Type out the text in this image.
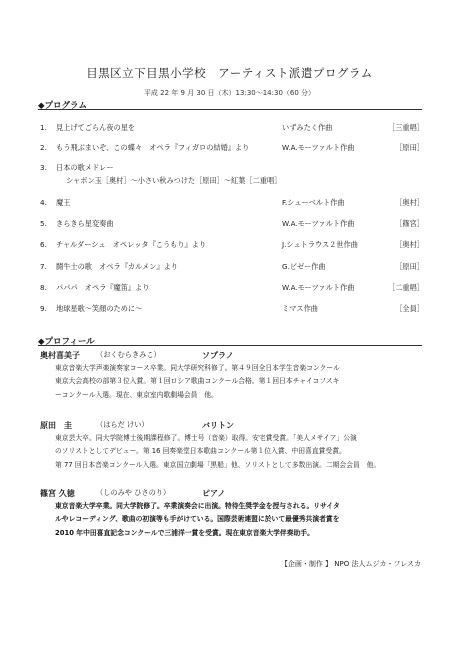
目黒区立下目黒小学校　アーティスト派遣プログラム
平成 22 年 9 月 30 日（木）13:30～14:30（60 分）
◆プログラム
1. 見上げてごらん夜の星を	いずみたく作曲	［三重唱］
2. もう飛ぶまいぞ、この蝶々　オペラ『フィガロの結婚』より	W.A.モーツァルト作曲	［原田］
3. 日本の歌メドレー
シャボン玉［奥村］～小さい秋みつけた［原田］～紅葉［二重唱］
4. 魔王	F.シューベルト作曲	［奥村］
5. きらきら星変奏曲	W.A.モーツァルト作曲	［篠宮］
6. チャルダーシュ　オペレッタ『こうもり』より	J.シュトラウス２世作曲	［奥村］
7. 闘牛士の歌　オペラ『カルメン』より	G.ビゼー作曲	［原田］
8. パパパ　オペラ『魔笛』より	W.A.モーツァルト作曲	［二重唱］
9. 地球星歌～笑顔のために～	ミマス作曲	［全員］
◆プロフィール
奥村喜美子 （おくむらきみこ）	ソプラノ
東京音楽大学声楽演奏家コース卒業。同大学研究科修了。第４９回全日本学生音楽コンクール
東京大会高校の部第３位入賞。第１回ロシア歌曲コンクール合格。第１回日本チャイコフスキ
ーコンクール入選。現在、東京室内歌劇場会員　他。
原田　圭	（はらだ けい）	バリトン
東京芸大卒。同大学院博士後期課程修了。博士号（音楽）取得。安宅賞受賞。「美人メサイア」公演
のソリストとしてデビュー。第 16 回奏楽堂日本歌曲コンクール第１位入賞、中田喜直賞受賞。
第 77 回日本音楽コンクール入選。東京国立劇場「黒船」他、ソリストとして多数出演。二期会会員　他。
篠宮 久徳	（しのみや ひさのり）	ピアノ
東京音楽大学卒業。同大学院修了。卒業演奏会に出演。特待生奨学金を授与される。リサイタ
ルやレコーディング、歌曲の初演等も手がけている。国際芸術連盟に於いて最優秀共演者賞を
2010 年中田喜直記念コンクールで三浦洋一賞を受賞。現在東京音楽大学伴奏助手。
【企画・制作 】 NPO 法人ムジカ・フレスカ
